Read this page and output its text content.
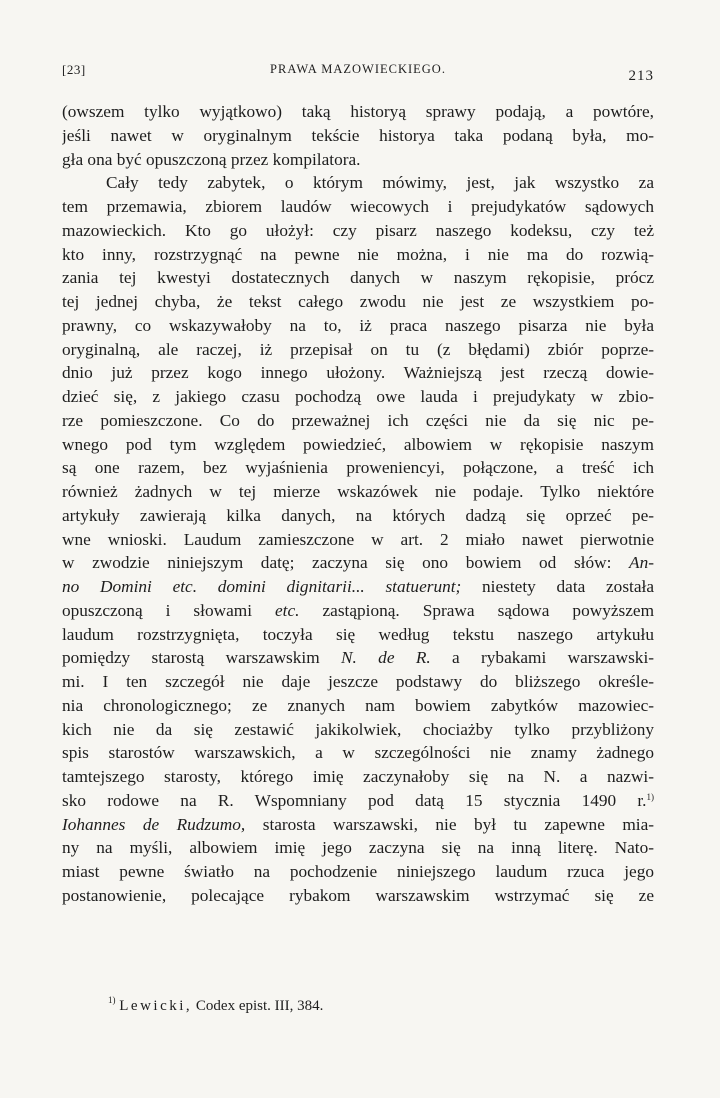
[23]	PRAWA MAZOWIECKIEGO.	213
(owszem tylko wyjątkowo) taką historyą sprawy podają, a powtóre,
jeśli nawet w oryginalnym tekście historya taka podaną była, mo-
gła ona być opuszczoną przez kompilatora.
Cały tedy zabytek, o którym mówimy, jest, jak wszystko za
tem przemawia, zbiorem laudów wiecowych i prejudykatów sądowych
mazowieckich. Kto go ułożył: czy pisarz naszego kodeksu, czy też
kto inny, rozstrzygnąć na pewne nie można, i nie ma do rozwią-
zania tej kwestyi dostatecznych danych w naszym rękopisie, prócz
tej jednej chyba, że tekst całego zwodu nie jest ze wszystkiem po-
prawny, co wskazywałoby na to, iż praca naszego pisarza nie była
oryginalną, ale raczej, iż przepisał on tu (z błędami) zbiór poprze-
dnio już przez kogo innego ułożony. Ważniejszą jest rzeczą dowie-
dzieć się, z jakiego czasu pochodzą owe lauda i prejudykaty w zbio-
rze pomieszczone. Co do przeważnej ich części nie da się nic pe-
wnego pod tym względem powiedzieć, albowiem w rękopisie naszym
są one razem, bez wyjaśnienia proweniencyi, połączone, a treść ich
również żadnych w tej mierze wskazówek nie podaje. Tylko niektóre
artykuły zawierają kilka danych, na których dadzą się oprzeć pe-
wne wnioski. Laudum zamieszczone w art. 2 miało nawet pierwotnie
w zwodzie niniejszym datę; zaczyna się ono bowiem od słów: An-
no Domini etc. domini dignitarii... statuerunt; niestety data została
opuszczoną i słowami etc. zastąpioną. Sprawa sądowa powyższem
laudum rozstrzygnięta, toczyła się według tekstu naszego artykułu
pomiędzy starostą warszawskim N. de R. a rybakami warszawski-
mi. I ten szczegół nie daje jeszcze podstawy do bliższego określe-
nia chronologicznego; ze znanych nam bowiem zabytków mazowiec-
kich nie da się zestawić jakikolwiek, chociażby tylko przybliżony
spis starostów warszawskich, a w szczególności nie znamy żadnego
tamtejszego starosty, którego imię zaczynałoby się na N. a nazwi-
sko rodowe na R. Wspomniany pod datą 15 stycznia 1490 r.$^{1)}$
Iohannes de Rudzumo, starosta warszawski, nie był tu zapewne mia-
ny na myśli, albowiem imię jego zaczyna się na inną literę. Nato-
miast pewne światło na pochodzenie niniejszego laudum rzuca jego
postanowienie, polecające rybakom warszawskim wstrzymać się ze
$^{1)}$ Lewicki, Codex epist. III, 384.
